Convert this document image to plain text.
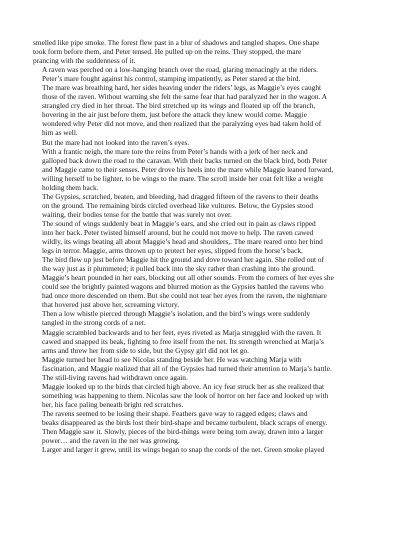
smelled like pipe smoke. The forest flew past in a blur of shadows and tangled shapes. One shape
took form before them, and Peter tensed. He pulled up on the reins. They stopped, the mare
prancing with the suddenness of it.
A raven was perched on a low-hanging branch over the road, glaring menacingly at the riders.
Peter’s mare fought against his control, stamping impatiently, as Peter stared at the bird.
The mare was breathing hard, her sides heaving under the riders’ legs, as Maggie’s eyes caught
those of the raven. Without warning she felt the same fear that had paralyzed her in the wagon. A
strangled cry died in her throat. The bird stretched up its wings and floated up off the branch,
hovering in the air just before them, just before the attack they knew would come. Maggie
wondered why Peter did not move, and then realized that the paralyzing eyes had taken hold of
him as well.
But the mare had not looked into the raven’s eyes.
With a frantic neigh, the mare tore the reins from Peter’s hands with a jerk of her neck and
galloped back down the road to the caravan. With their backs turned on the black bird, both Peter
and Maggie came to their senses. Peter drove his heels into the mare while Maggie leaned forward,
willing herself to be lighter, to be wings to the mare. The scroll inside her coat felt like a weight
holding them back.
The Gypsies, scratched, beaten, and bleeding, had dragged fifteen of the ravens to their deaths
on the ground. The remaining birds circled overhead like vultures. Below, the Gypsies stood
waiting, their bodies tense for the battle that was surely not over.
The sound of wings suddenly beat in Maggie’s ears, and she cried out in pain as claws ripped
into her back. Peter twisted himself around, but he could not move to help. The raven cawed
wildly, its wings beating all about Maggie’s head and shoulders,. The mare reared onto her hind
legs in terror. Maggie, arms thrown up to protect her eyes, slipped from the horse’s back.
The bird flew up just before Maggie hit the ground and dove toward her again. She rolled out of
the way just as it plummeted; it pulled back into the sky rather than crashing into the ground.
Maggie’s heart pounded in her ears, blocking out all other sounds. From the corners of her eyes she
could see the brightly painted wagons and blurred motion as the Gypsies battled the ravens who
had once more descended on them. But she could not tear her eyes from the raven, the nightmare
that hovered just above her, screaming victory.
Then a low whistle pierced through Maggie’s isolation, and the bird’s wings were suddenly
tangled in the strong cords of a net.
Maggie scrambled backwards and to her feet, eyes riveted as Marja struggled with the raven. It
cawed and snapped its beak, fighting to free itself from the net. Its strength wrenched at Marja’s
arms and threw her from side to side, but the Gypsy girl did not let go.
Maggie turned her head to see Nicolas standing beside her. He was watching Marja with
fascination, and Maggie realized that all of the Gypsies had turned their attention to Marja’s battle.
The still-living ravens had withdrawn once again.
Maggie looked up to the birds that circled high above. An icy fear struck her as she realized that
something was happening to them. Nicolas saw the look of horror on her face and looked up with
her, his face paling beneath bright red scratches.
The ravens seemed to be losing their shape. Feathers gave way to ragged edges; claws and
beaks disappeared as the birds lost their bird-shape and became turbulent, black scraps of energy.
Then Maggie saw it. Slowly, pieces of the bird-things were being torn away, drawn into a larger
power… and the raven in the net was growing.
Larger and larger it grew, until its wings began to snap the cords of the net. Green smoke played
